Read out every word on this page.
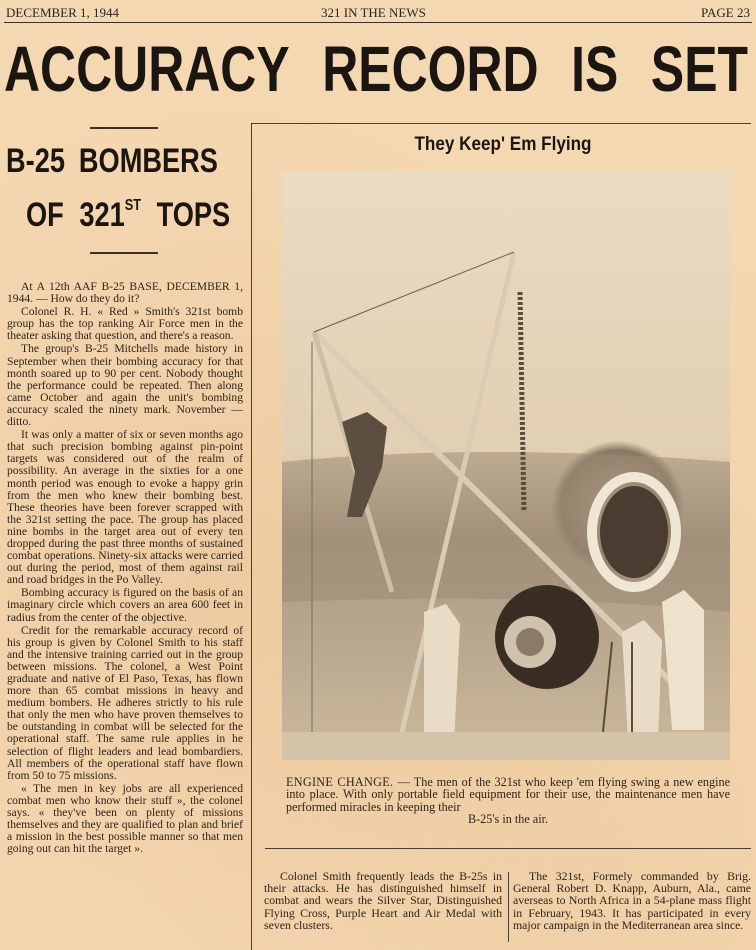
DECEMBER 1, 1944	321 IN THE NEWS	PAGE 23
ACCURACY RECORD IS SET
B-25 BOMBERS
OF 321ST TOPS

At A 12th AAF B-25 BASE, DECEMBER 1, 1944. — How do they do it?

Colonel R. H. « Red » Smith's 321st bomb group has the top ranking Air Force men in the theater asking that question, and there's a reason.

The group's B-25 Mitchells made history in September when their bombing accuracy for that month soared up to 90 per cent. Nobody thought the performance could be repeated. Then along came October and again the unit's bombing accuracy scaled the ninety mark. November — ditto.

It was only a matter of six or seven months ago that such precision bombing against pin-point targets was considered out of the realm of possibility. An average in the sixties for a one month period was enough to evoke a happy grin from the men who knew their bombing best. These theories have been forever scrapped with the 321st setting the pace. The group has placed nine bombs in the target area out of every ten dropped during the past three months of sustained combat operations. Ninety-six attacks were carried out during the period, most of them against rail and road bridges in the Po Valley.

Bombing accuracy is figured on the basis of an imaginary circle which covers an area 600 feet in radius from the center of the objective.

Credit for the remarkable accuracy record of his group is given by Colonel Smith to his staff and the intensive training carried out in the group between missions. The colonel, a West Point graduate and native of El Paso, Texas, has flown more than 65 combat missions in heavy and medium bombers. He adheres strictly to his rule that only the men who have proven themselves to be outstanding in combat will be selected for the operational staff. The same rule applies in he selection of flight leaders and lead bombardiers. All members of the operational staff have flown from 50 to 75 missions.

« The men in key jobs are all experienced combat men who know their stuff », the colonel says. « they've been on plenty of missions themselves and they are qualified to plan and brief a mission in the best possible manner so that men going out can hit the target ».

They Keep' Em Flying
ENGINE CHANGE. — The men of the 321st who keep 'em flying swing a new engine into place. With only portable field equipment for their use, the maintenance men have performed miracles in keeping their
B-25's in the air.

Colonel Smith frequently leads the B-25s in their attacks. He has distinguished himself in combat and wears the Silver Star, Distinguished Flying Cross, Purple Heart and Air Medal with seven clusters.

The 321st, Formely commanded by Brig. General Robert D. Knapp, Auburn, Ala., came averseas to North Africa in a 54-plane mass flight in February, 1943. It has participated in every major campaign in the Mediterranean area since.
